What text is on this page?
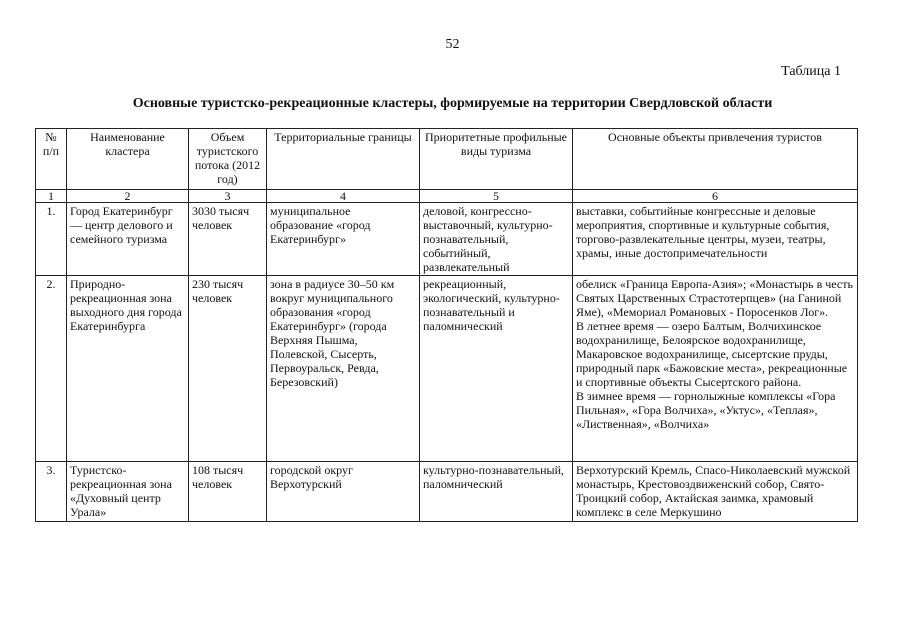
52
Таблица 1
Основные туристско-рекреационные кластеры, формируемые на территории Свердловской области
№ п/п	Наименование кластера	Объем туристского потока (2012 год)	Территориальные границы	Приоритетные профильные виды туризма	Основные объекты привлечения туристов
1	2	3	4	5	6
1.	Город Екатеринбург — центр делового и семейного туризма	3030 тысяч человек	муниципальное образование «город Екатеринбург»	деловой, конгрессно-выставочный, культурно-познавательный, событийный, развлекательный	выставки, событийные конгрессные и деловые мероприятия, спортивные и культурные события, торгово-развлекательные центры, музеи, театры, храмы, иные достопримечательности

2.	Природно-рекреационная зона выходного дня города Екатеринбурга	230 тысяч человек	зона в радиусе 30–50 км вокруг муниципального образования «город Екатеринбург» (города Верхняя Пышма, Полевской, Сысерть, Первоуральск, Ревда, Березовский)	рекреационный, экологический, культурно-познавательный и паломнический	обелиск «Граница Европа-Азия»; «Монастырь в честь Святых Царственных Страстотерпцев» (на Ганиной Яме), «Мемориал Романовых - Поросенков Лог».
В летнее время — озеро Балтым, Волчихинское водохранилище, Белоярское водохранилище, Макаровское водохранилище, сысертские пруды, природный парк «Бажовские места», рекреационные и спортивные объекты Сысертского района.
В зимнее время — горнолыжные комплексы «Гора Пильная», «Гора Волчиха», «Уктус», «Теплая», «Лиственная», «Волчиха»

3.	Туристско-рекреационная зона «Духовный центр Урала»	108 тысяч человек	городской округ Верхотурский	культурно-познавательный, паломнический	Верхотурский Кремль, Спасо-Николаевский мужской монастырь, Крестовоздвиженский собор, Свято-Троицкий собор, Актайская заимка, храмовый комплекс в селе Меркушино
